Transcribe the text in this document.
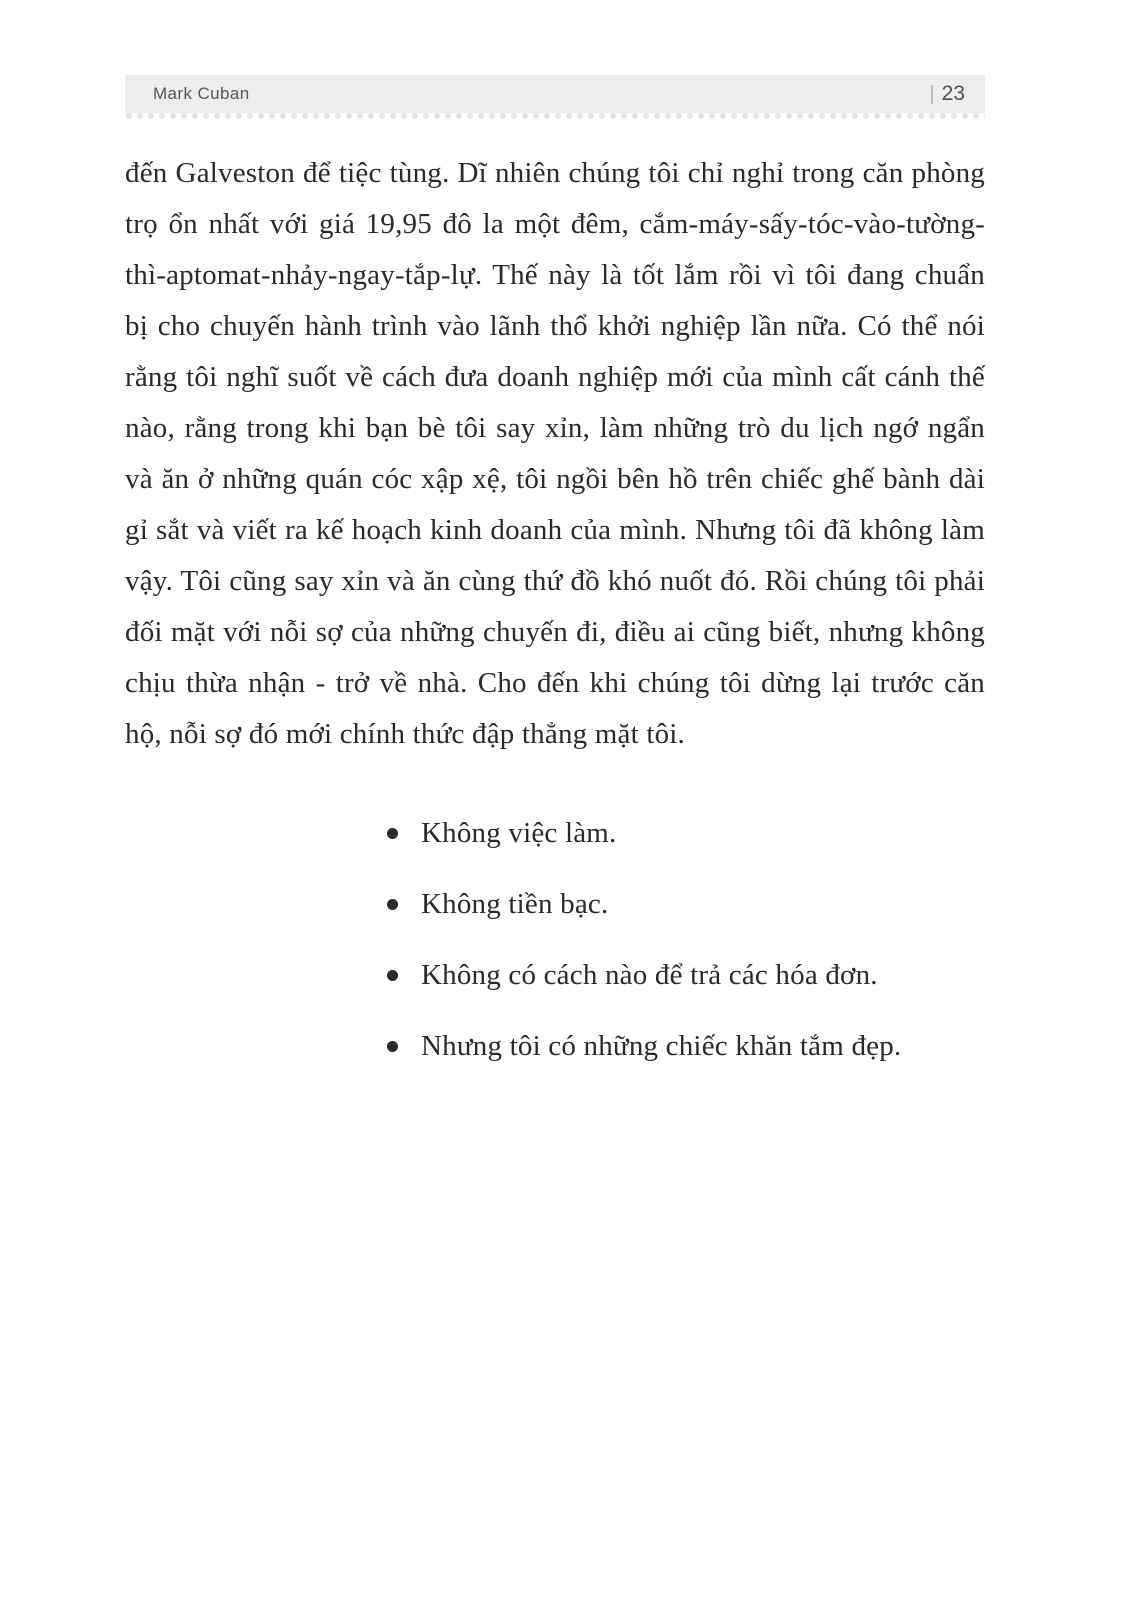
Mark Cuban	| 23

đến Galveston để tiệc tùng. Dĩ nhiên chúng tôi chỉ nghỉ trong căn phòng trọ ổn nhất với giá 19,95 đô la một đêm, cắm-máy-sấy-tóc-vào-tường-thì-aptomat-nhảy-ngay-tắp-lự. Thế này là tốt lắm rồi vì tôi đang chuẩn bị cho chuyến hành trình vào lãnh thổ khởi nghiệp lần nữa. Có thể nói rằng tôi nghĩ suốt về cách đưa doanh nghiệp mới của mình cất cánh thế nào, rằng trong khi bạn bè tôi say xỉn, làm những trò du lịch ngớ ngẩn và ăn ở những quán cóc xập xệ, tôi ngồi bên hồ trên chiếc ghế bành dài gỉ sắt và viết ra kế hoạch kinh doanh của mình. Nhưng tôi đã không làm vậy. Tôi cũng say xỉn và ăn cùng thứ đồ khó nuốt đó. Rồi chúng tôi phải đối mặt với nỗi sợ của những chuyến đi, điều ai cũng biết, nhưng không chịu thừa nhận - trở về nhà. Cho đến khi chúng tôi dừng lại trước căn hộ, nỗi sợ đó mới chính thức đập thẳng mặt tôi.

Không việc làm.
Không tiền bạc.
Không có cách nào để trả các hóa đơn.
Nhưng tôi có những chiếc khăn tắm đẹp.
